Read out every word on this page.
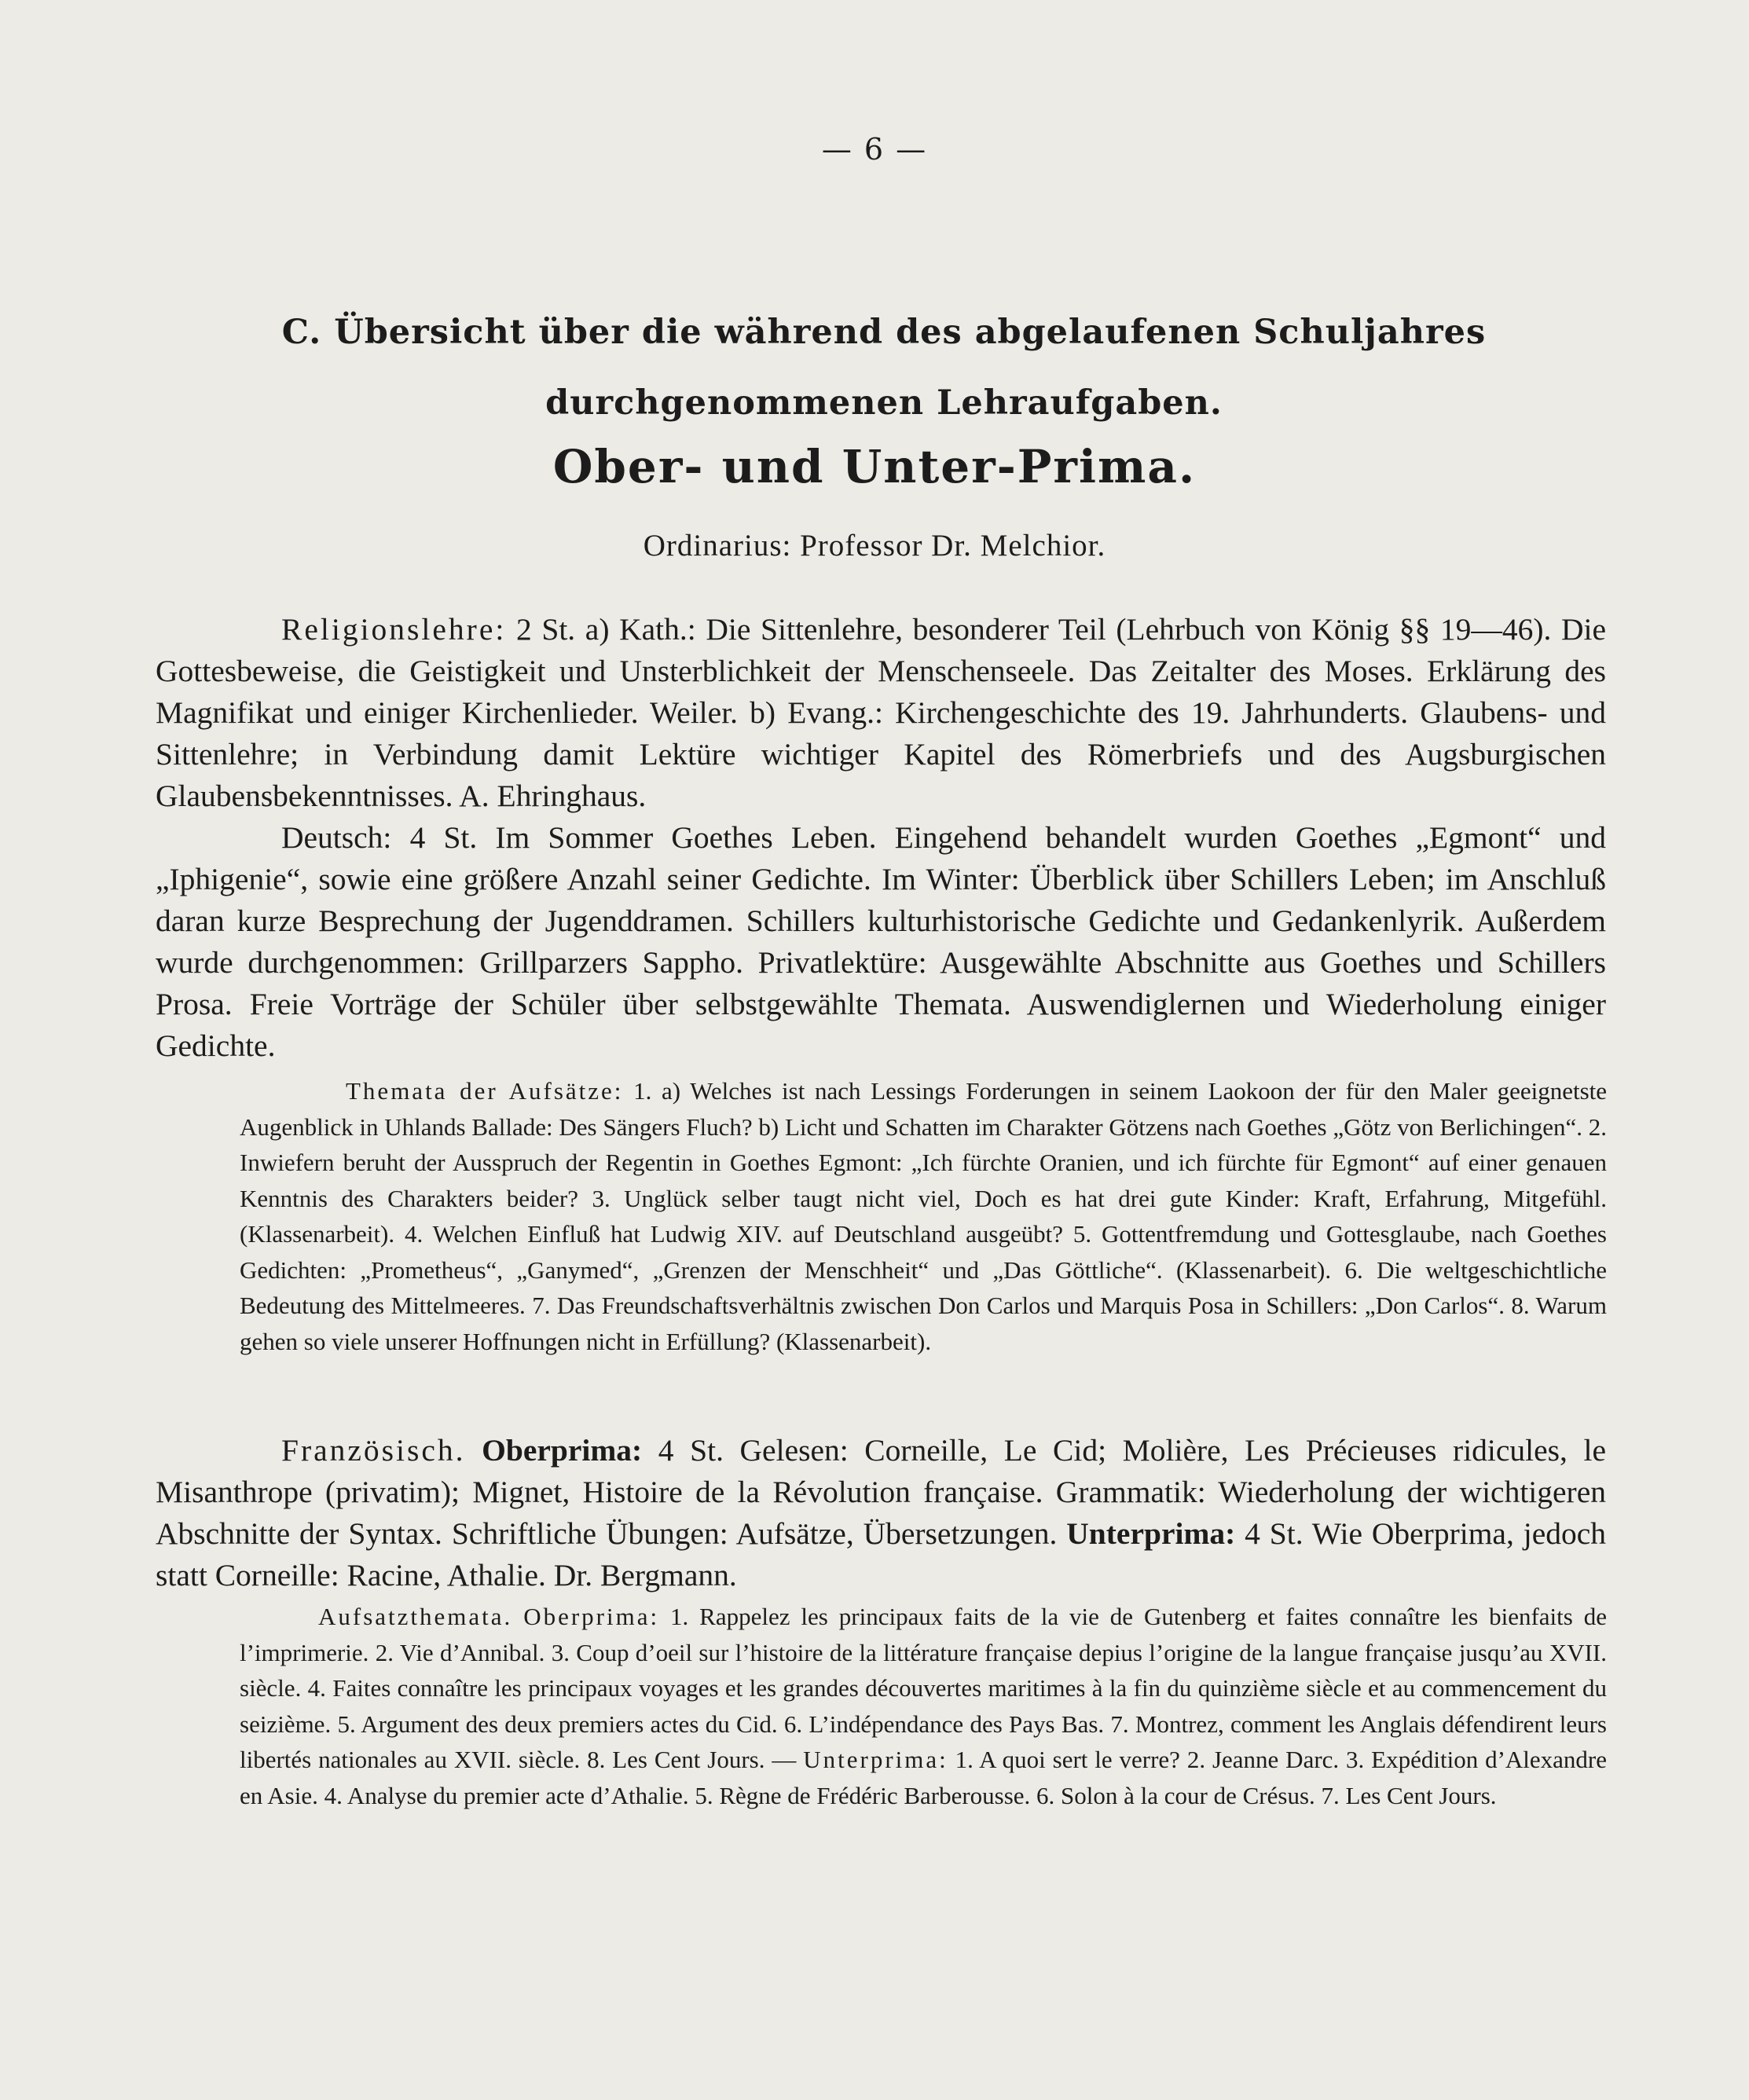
— 6 —
C. Übersicht über die während des abgelaufenen Schuljahres durchgenommenen Lehraufgaben.
Ober- und Unter-Prima.
Ordinarius: Professor Dr. Melchior.

Religionslehre: 2 St. a) Kath.: Die Sittenlehre, besonderer Teil (Lehrbuch von König §§ 19—46). Die Gottesbeweise, die Geistigkeit und Unsterblichkeit der Menschenseele. Das Zeitalter des Moses. Erklärung des Magnifikat und einiger Kirchenlieder. Weiler. b) Evang.: Kirchengeschichte des 19. Jahrhunderts. Glaubens- und Sittenlehre; in Verbindung damit Lektüre wichtiger Kapitel des Römerbriefs und des Augsburgischen Glaubensbekenntnisses. A. Ehringhaus.

Deutsch: 4 St. Im Sommer Goethes Leben. Eingehend behandelt wurden Goethes „Egmont“ und „Iphigenie“, sowie eine größere Anzahl seiner Gedichte. Im Winter: Überblick über Schillers Leben; im Anschluß daran kurze Besprechung der Jugenddramen. Schillers kulturhistorische Gedichte und Gedankenlyrik. Außerdem wurde durchgenommen: Grillparzers Sappho. Privatlektüre: Ausgewählte Abschnitte aus Goethes und Schillers Prosa. Freie Vorträge der Schüler über selbstgewählte Themata. Auswendiglernen und Wiederholung einiger Gedichte.

Themata der Aufsätze: 1. a) Welches ist nach Lessings Forderungen in seinem Laokoon der für den Maler geeignetste Augenblick in Uhlands Ballade: Des Sängers Fluch? b) Licht und Schatten im Charakter Götzens nach Goethes „Götz von Berlichingen“. 2. Inwiefern beruht der Ausspruch der Regentin in Goethes Egmont: „Ich fürchte Oranien, und ich fürchte für Egmont“ auf einer genauen Kenntnis des Charakters beider? 3. Unglück selber taugt nicht viel, Doch es hat drei gute Kinder: Kraft, Erfahrung, Mitgefühl. (Klassenarbeit). 4. Welchen Einfluß hat Ludwig XIV. auf Deutschland ausgeübt? 5. Gottentfremdung und Gottesglaube, nach Goethes Gedichten: „Prometheus“, „Ganymed“, „Grenzen der Menschheit“ und „Das Göttliche“. (Klassenarbeit). 6. Die weltgeschichtliche Bedeutung des Mittelmeeres. 7. Das Freundschaftsverhältnis zwischen Don Carlos und Marquis Posa in Schillers: „Don Carlos“. 8. Warum gehen so viele unserer Hoffnungen nicht in Erfüllung? (Klassenarbeit).

Französisch. Oberprima: 4 St. Gelesen: Corneille, Le Cid; Molière, Les Précieuses ridicules, le Misanthrope (privatim); Mignet, Histoire de la Révolution française. Grammatik: Wiederholung der wichtigeren Abschnitte der Syntax. Schriftliche Übungen: Aufsätze, Übersetzungen. Unterprima: 4 St. Wie Oberprima, jedoch statt Corneille: Racine, Athalie. Dr. Bergmann.

Aufsatzthemata. Oberprima: 1. Rappelez les principaux faits de la vie de Gutenberg et faites connaître les bienfaits de l’imprimerie. 2. Vie d’Annibal. 3. Coup d’oeil sur l’histoire de la littérature française depius l’origine de la langue française jusqu’au XVII. siècle. 4. Faites connaître les principaux voyages et les grandes découvertes maritimes à la fin du quinzième siècle et au commencement du seizième. 5. Argument des deux premiers actes du Cid. 6. L’indépendance des Pays Bas. 7. Montrez, comment les Anglais défendirent leurs libertés nationales au XVII. siècle. 8. Les Cent Jours. — Unterprima: 1. A quoi sert le verre? 2. Jeanne Darc. 3. Expédition d’Alexandre en Asie. 4. Analyse du premier acte d’Athalie. 5. Règne de Frédéric Barberousse. 6. Solon à la cour de Crésus. 7. Les Cent Jours.
